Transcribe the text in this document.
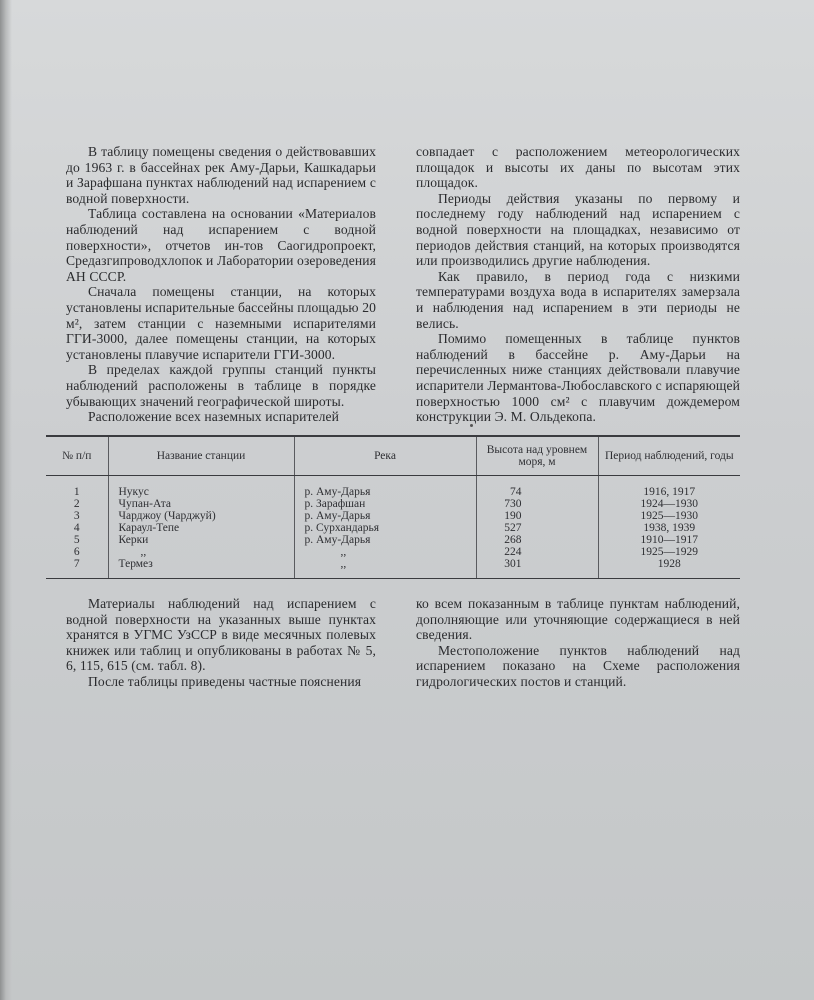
В таблицу помещены сведения о действовавших до 1963 г. в бассейнах рек Аму-Дарьи, Кашкадарьи и Зарафшана пунктах наблюдений над испарением с водной поверхности.

Таблица составлена на основании «Материалов наблюдений над испарением с водной поверхности», отчетов ин-тов Саогидропроект, Средазгипроводхлопок и Лаборатории озероведения АН СССР.

Сначала помещены станции, на которых установлены испарительные бассейны площадью 20 м², затем станции с наземными испарителями ГГИ-3000, далее помещены станции, на которых установлены плавучие испарители ГГИ-3000.

В пределах каждой группы станций пункты наблюдений расположены в таблице в порядке убывающих значений географической широты.

Расположение всех наземных испарителей

совпадает с расположением метеорологических площадок и высоты их даны по высотам этих площадок.

Периоды действия указаны по первому и последнему году наблюдений над испарением с водной поверхности на площадках, независимо от периодов действия станций, на которых производятся или производились другие наблюдения.

Как правило, в период года с низкими температурами воздуха вода в испарителях замерзала и наблюдения над испарением в эти периоды не велись.

Помимо помещенных в таблице пунктов наблюдений в бассейне р. Аму-Дарьи на перечисленных ниже станциях действовали плавучие испарители Лермантова-Любославского с испаряющей поверхностью 1000 см² с плавучим дождемером конструкции Э. М. Ольдекопа.

№ п/п	Название станции	Река	Высота над уровнем моря, м	Период наблюдений, годы

1	Нукус	р. Аму-Дарья	74	1916, 1917
2	Чупан-Ата	р. Зарафшан	730	1924—1930
3	Чарджоу (Чарджуй)	р. Аму-Дарья	190	1925—1930
4	Караул-Тепе	р. Сурхандарья	527	1938, 1939
5	Керки	р. Аму-Дарья	268	1910—1917
6	,,	,,	224	1925—1929
7	Термез	,,	301	1928

Материалы наблюдений над испарением с водной поверхности на указанных выше пунктах хранятся в УГМС УзССР в виде месячных полевых книжек или таблиц и опубликованы в работах № 5, 6, 115, 615 (см. табл. 8).

После таблицы приведены частные пояснения

ко всем показанным в таблице пунктам наблюдений, дополняющие или уточняющие содержащиеся в ней сведения.

Местоположение пунктов наблюдений над испарением показано на Схеме расположения гидрологических постов и станций.
